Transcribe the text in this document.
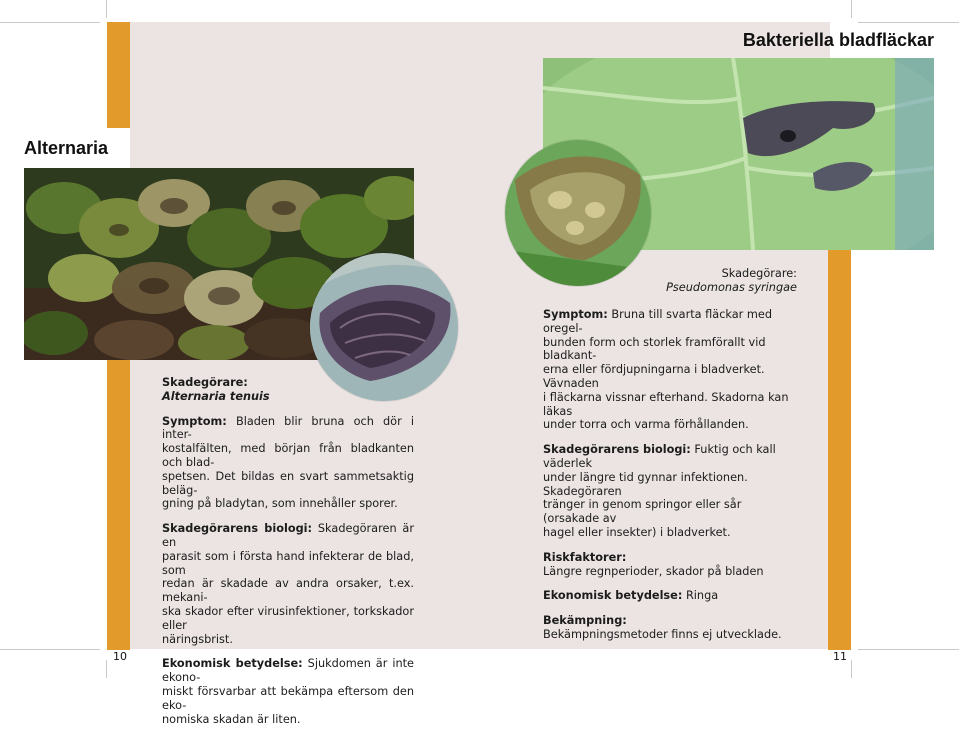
Bakteriella bladfläckar
Alternaria
Skadegörare:
Pseudomonas syringae

Symptom: Bruna till svarta fläckar med oregel-
bunden form och storlek framförallt vid bladkant-
erna eller fördjupningarna i bladverket. Vävnaden
i fläckarna vissnar efterhand. Skadorna kan läkas
under torra och varma förhållanden.

Skadegörarens biologi: Fuktig och kall väderlek
under längre tid gynnar infektionen. Skadegöraren
tränger in genom springor eller sår (orsakade av
hagel eller insekter) i bladverket.

Riskfaktorer:
Längre regnperioder, skador på bladen

Ekonomisk betydelse: Ringa

Bekämpning:
Bekämpningsmetoder finns ej utvecklade.

Skadegörare:
Alternaria tenuis

Symptom: Bladen blir bruna och dör i inter-
kostalfälten, med början från bladkanten och blad-
spetsen. Det bildas en svart sammetsaktig beläg-
gning på bladytan, som innehåller sporer.

Skadegörarens biologi: Skadegöraren är en
parasit som i första hand infekterar de blad, som
redan är skadade av andra orsaker, t.ex. mekani-
ska skador efter virusinfektioner, torkskador eller
näringsbrist.

Ekonomisk betydelse: Sjukdomen är inte ekono-
miskt försvarbar att bekämpa eftersom den eko-
nomiska skadan är liten.

10	11
